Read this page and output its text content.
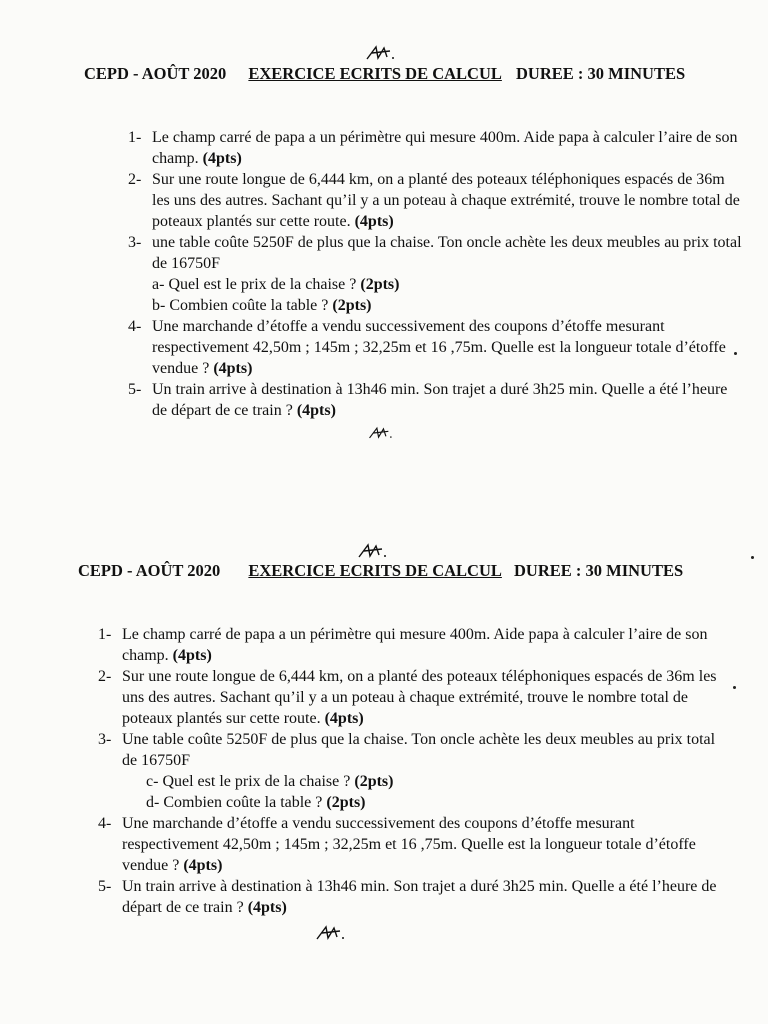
CEPD - AOÛT 2020 EXERCICE ECRITS DE CALCUL DUREE : 30 MINUTES
1- Le champ carré de papa a un périmètre qui mesure 400m. Aide papa à calculer l’aire de son champ. (4pts)
2- Sur une route longue de 6,444 km, on a planté des poteaux téléphoniques espacés de 36m les uns des autres. Sachant qu’il y a un poteau à chaque extrémité, trouve le nombre total de poteaux plantés sur cette route. (4pts)
3- une table coûte 5250F de plus que la chaise. Ton oncle achète les deux meubles au prix total de 16750F
a- Quel est le prix de la chaise ? (2pts)
b- Combien coûte la table ? (2pts)
4- Une marchande d’étoffe a vendu successivement des coupons d’étoffe mesurant respectivement 42,50m ; 145m ; 32,25m et 16 ,75m. Quelle est la longueur totale d’étoffe vendue ? (4pts)
5- Un train arrive à destination à 13h46 min. Son trajet a duré 3h25 min. Quelle a été l’heure de départ de ce train ? (4pts)
CEPD - AOÛT 2020 EXERCICE ECRITS DE CALCUL DUREE : 30 MINUTES
1- Le champ carré de papa a un périmètre qui mesure 400m. Aide papa à calculer l’aire de son champ. (4pts)
2- Sur une route longue de 6,444 km, on a planté des poteaux téléphoniques espacés de 36m les uns des autres. Sachant qu’il y a un poteau à chaque extrémité, trouve le nombre total de poteaux plantés sur cette route. (4pts)
3- Une table coûte 5250F de plus que la chaise. Ton oncle achète les deux meubles au prix total de 16750F
c- Quel est le prix de la chaise ? (2pts)
d- Combien coûte la table ? (2pts)
4- Une marchande d’étoffe a vendu successivement des coupons d’étoffe mesurant respectivement 42,50m ; 145m ; 32,25m et 16 ,75m. Quelle est la longueur totale d’étoffe vendue ? (4pts)
5- Un train arrive à destination à 13h46 min. Son trajet a duré 3h25 min. Quelle a été l’heure de départ de ce train ? (4pts)
